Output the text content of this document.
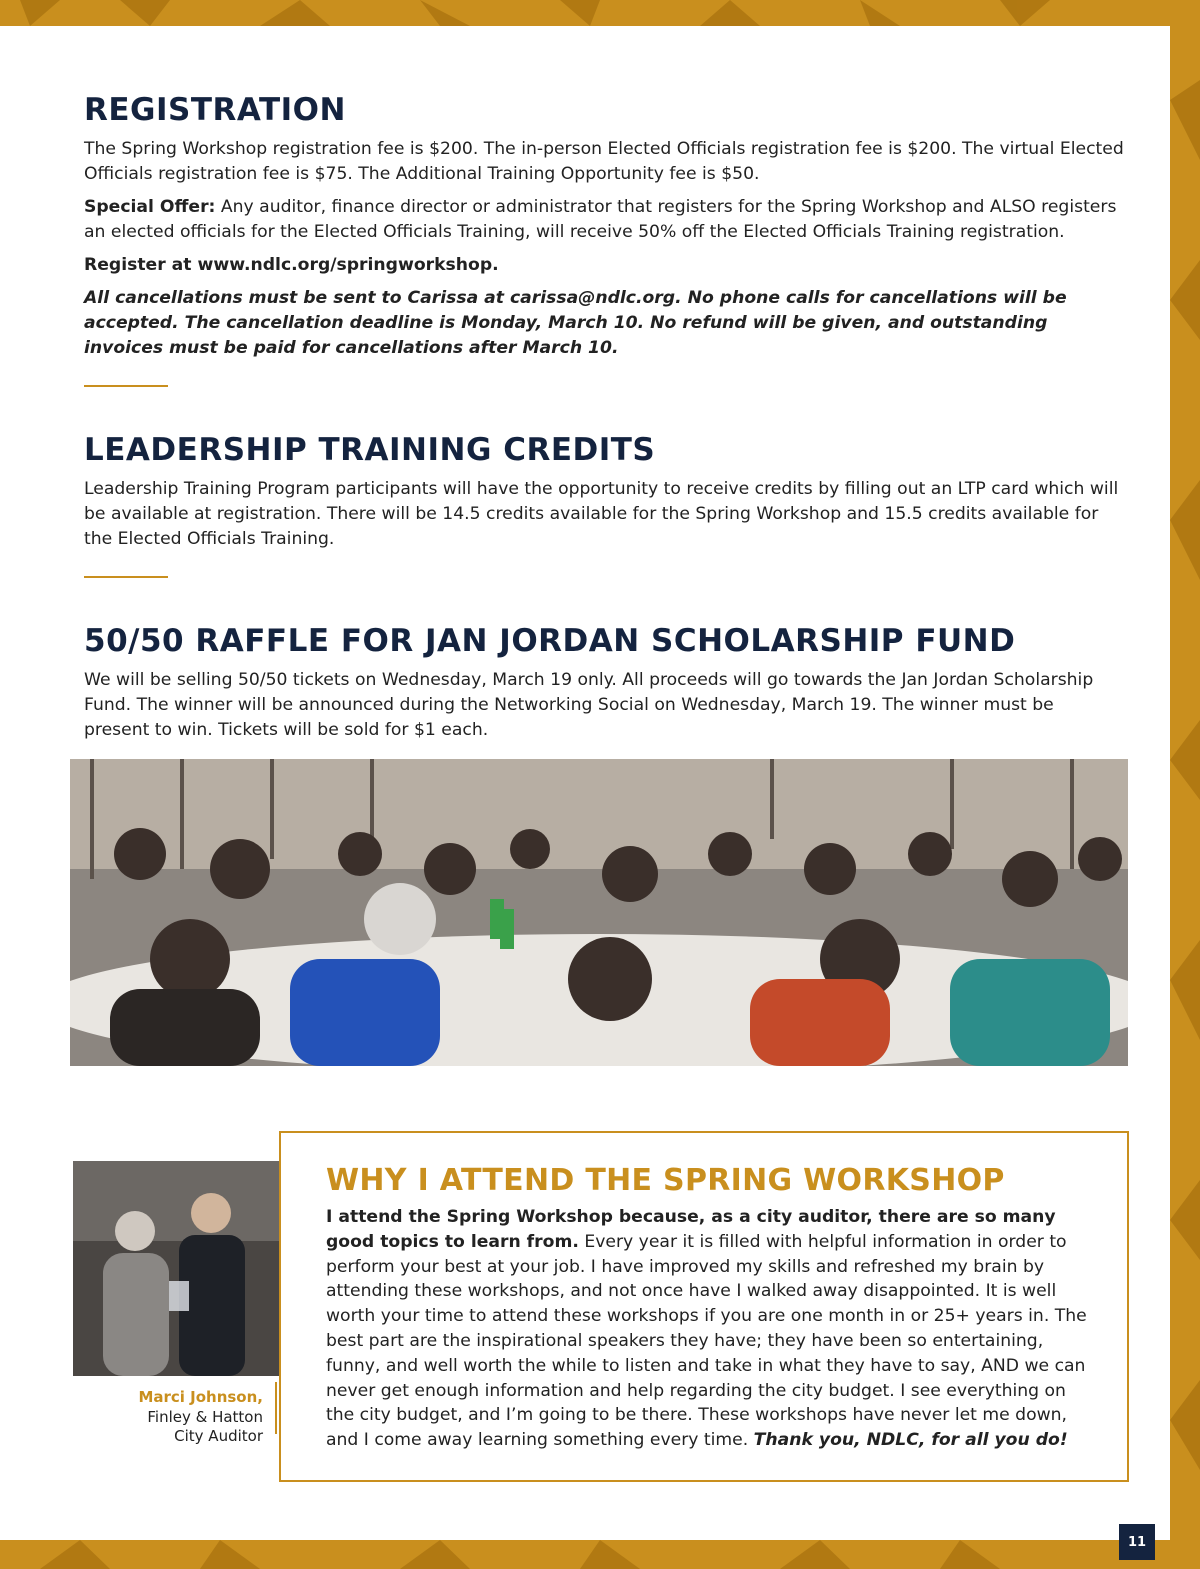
REGISTRATION

The Spring Workshop registration fee is $200. The in-person Elected Officials registration fee is $200. The virtual Elected Officials registration fee is $75. The Additional Training Opportunity fee is $50.

Special Offer: Any auditor, finance director or administrator that registers for the Spring Workshop and ALSO registers an elected officials for the Elected Officials Training, will receive 50% off the Elected Officials Training registration.

Register at www.ndlc.org/springworkshop.

All cancellations must be sent to Carissa at carissa@ndlc.org. No phone calls for cancellations will be accepted. The cancellation deadline is Monday, March 10. No refund will be given, and outstanding invoices must be paid for cancellations after March 10.

LEADERSHIP TRAINING CREDITS

Leadership Training Program participants will have the opportunity to receive credits by filling out an LTP card which will be available at registration. There will be 14.5 credits available for the Spring Workshop and 15.5 credits available for the Elected Officials Training.

50/50 RAFFLE FOR JAN JORDAN SCHOLARSHIP FUND

We will be selling 50/50 tickets on Wednesday, March 19 only. All proceeds will go towards the Jan Jordan Scholarship Fund. The winner will be announced during the Networking Social on Wednesday, March 19. The winner must be present to win. Tickets will be sold for $1 each.

Marci Johnson,
Finley & Hatton
City Auditor
WHY I ATTEND THE SPRING WORKSHOP

I attend the Spring Workshop because, as a city auditor, there are so many good topics to learn from. Every year it is filled with helpful information in order to perform your best at your job. I have improved my skills and refreshed my brain by attending these workshops, and not once have I walked away disappointed. It is well worth your time to attend these workshops if you are one month in or 25+ years in. The best part are the inspirational speakers they have; they have been so entertaining, funny, and well worth the while to listen and take in what they have to say, AND we can never get enough information and help regarding the city budget. I see everything on the city budget, and I’m going to be there. These workshops have never let me down, and I come away learning something every time. Thank you, NDLC, for all you do!

11
